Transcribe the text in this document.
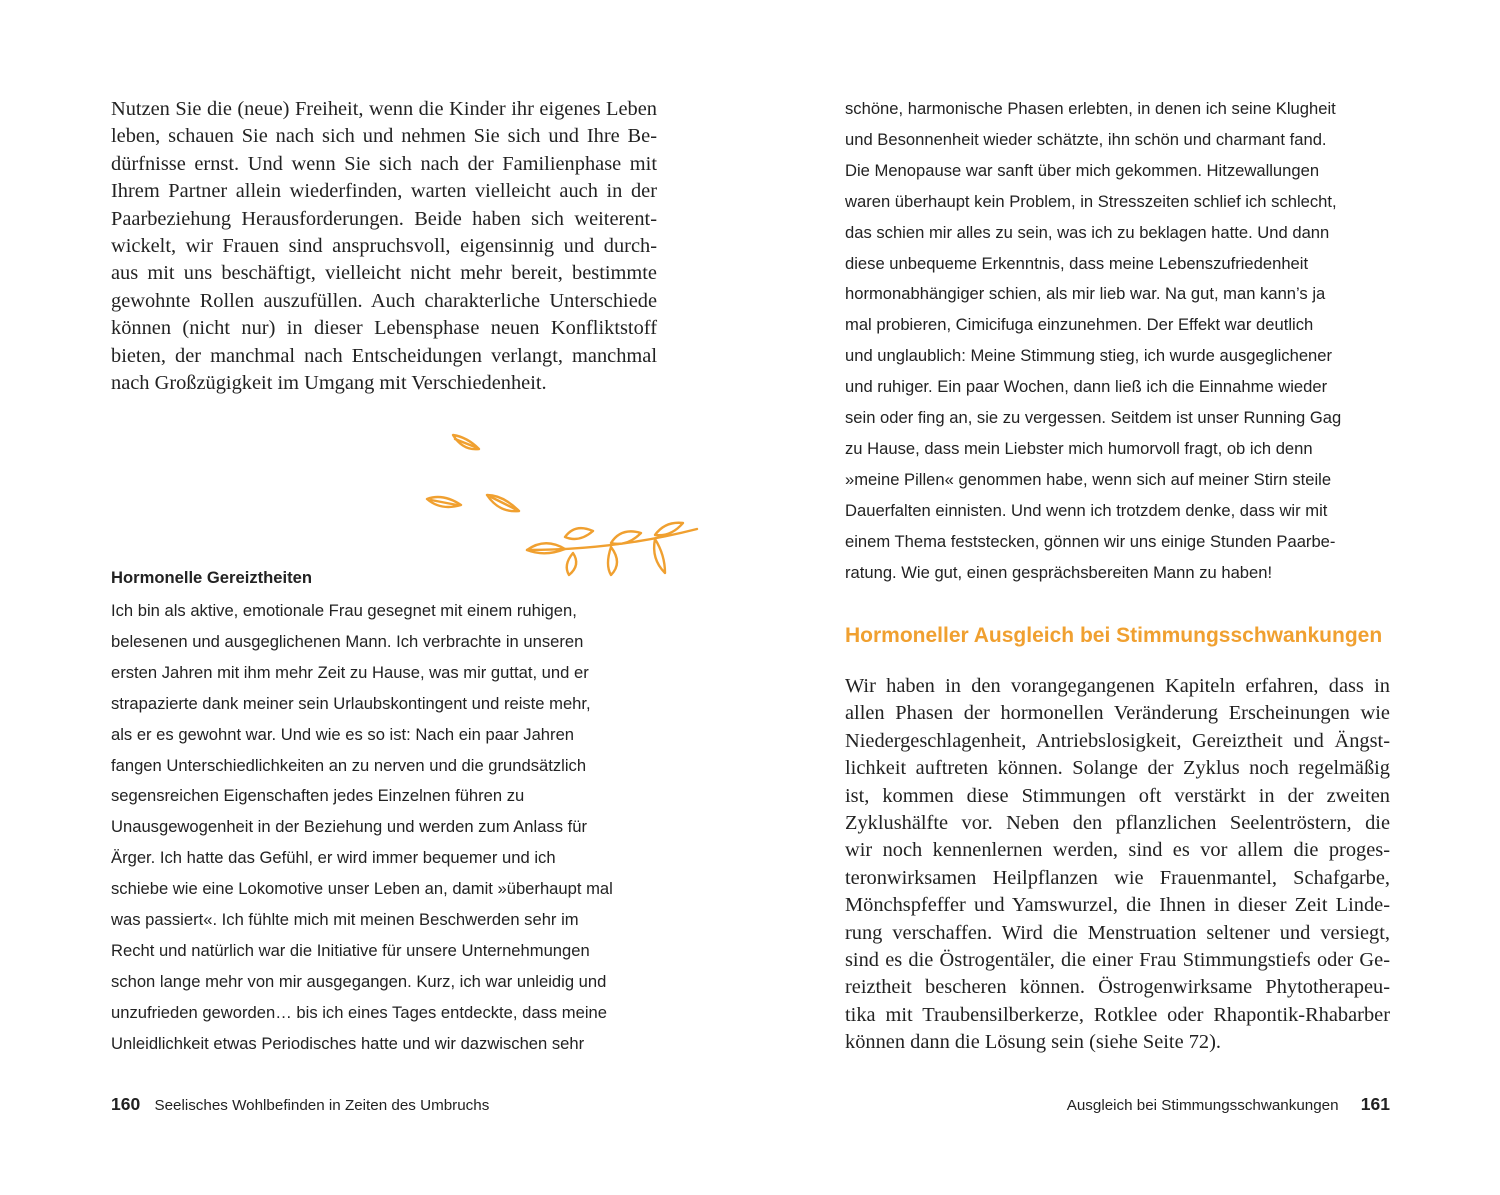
Nutzen Sie die (neue) Freiheit, wenn die Kinder ihr eigenes Leben
leben, schauen Sie nach sich und nehmen Sie sich und Ihre Be-
dürfnisse ernst. Und wenn Sie sich nach der Familienphase mit
Ihrem Partner allein wiederfinden, warten vielleicht auch in der
Paarbeziehung Herausforderungen. Beide haben sich weiterent-
wickelt, wir Frauen sind anspruchsvoll, eigensinnig und durch-
aus mit uns beschäftigt, vielleicht nicht mehr bereit, bestimmte
gewohnte Rollen auszufüllen. Auch charakterliche Unterschiede
können (nicht nur) in dieser Lebensphase neuen Konfliktstoff
bieten, der manchmal nach Entscheidungen verlangt, manchmal
nach Großzügigkeit im Umgang mit Verschiedenheit.
Hormonelle Gereiztheiten
Ich bin als aktive, emotionale Frau gesegnet mit einem ruhigen,
belesenen und ausgeglichenen Mann. Ich verbrachte in unseren
ersten Jahren mit ihm mehr Zeit zu Hause, was mir guttat, und er
strapazierte dank meiner sein Urlaubskontingent und reiste mehr,
als er es gewohnt war. Und wie es so ist: Nach ein paar Jahren
fangen Unterschiedlichkeiten an zu nerven und die grundsätzlich
segensreichen Eigenschaften jedes Einzelnen führen zu
Unausgewogenheit in der Beziehung und werden zum Anlass für
Ärger. Ich hatte das Gefühl, er wird immer bequemer und ich
schiebe wie eine Lokomotive unser Leben an, damit »überhaupt mal
was passiert«. Ich fühlte mich mit meinen Beschwerden sehr im
Recht und natürlich war die Initiative für unsere Unternehmungen
schon lange mehr von mir ausgegangen. Kurz, ich war unleidig und
unzufrieden geworden… bis ich eines Tages entdeckte, dass meine
Unleidlichkeit etwas Periodisches hatte und wir dazwischen sehr
160 Seelisches Wohlbefinden in Zeiten des Umbruchs
schöne, harmonische Phasen erlebten, in denen ich seine Klugheit
und Besonnenheit wieder schätzte, ihn schön und charmant fand.
Die Menopause war sanft über mich gekommen. Hitzewallungen
waren überhaupt kein Problem, in Stresszeiten schlief ich schlecht,
das schien mir alles zu sein, was ich zu beklagen hatte. Und dann
diese unbequeme Erkenntnis, dass meine Lebenszufriedenheit
hormonabhängiger schien, als mir lieb war. Na gut, man kann’s ja
mal probieren, Cimicifuga einzunehmen. Der Effekt war deutlich
und unglaublich: Meine Stimmung stieg, ich wurde ausgeglichener
und ruhiger. Ein paar Wochen, dann ließ ich die Einnahme wieder
sein oder fing an, sie zu vergessen. Seitdem ist unser Running Gag
zu Hause, dass mein Liebster mich humorvoll fragt, ob ich denn
»meine Pillen« genommen habe, wenn sich auf meiner Stirn steile
Dauerfalten einnisten. Und wenn ich trotzdem denke, dass wir mit
einem Thema feststecken, gönnen wir uns einige Stunden Paarbe-
ratung. Wie gut, einen gesprächsbereiten Mann zu haben!
Hormoneller Ausgleich bei Stimmungsschwankungen
Wir haben in den vorangegangenen Kapiteln erfahren, dass in
allen Phasen der hormonellen Veränderung Erscheinungen wie
Niedergeschlagenheit, Antriebslosigkeit, Gereiztheit und Ängst-
lichkeit auftreten können. Solange der Zyklus noch regelmäßig
ist, kommen diese Stimmungen oft verstärkt in der zweiten
Zyklushälfte vor. Neben den pflanzlichen Seelentröstern, die
wir noch kennenlernen werden, sind es vor allem die proges-
teronwirksamen Heilpflanzen wie Frauenmantel, Schafgarbe,
Mönchspfeffer und Yamswurzel, die Ihnen in dieser Zeit Linde-
rung verschaffen. Wird die Menstruation seltener und versiegt,
sind es die Östrogentäler, die einer Frau Stimmungstiefs oder Ge-
reiztheit bescheren können. Östrogenwirksame Phytotherapeu-
tika mit Traubensilberkerze, Rotklee oder Rhapontik-Rhabarber
können dann die Lösung sein (siehe Seite 72).
Ausgleich bei Stimmungsschwankungen 161
